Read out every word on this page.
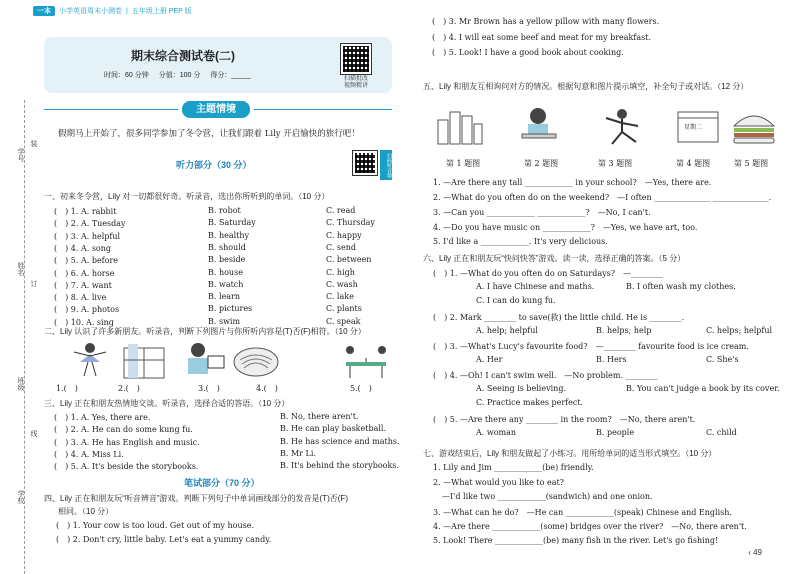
一本	小学英语周末小测卷 | 五年级上册 PEP 版
学号
装
姓名
订
班级
线
学校
期末综合测试卷(二)
时间：60 分钟 分值：100 分 得分：_____	扫描批改
视频精讲
主题情境
假期马上开始了，很多同学参加了冬令营，让我们跟着 Lily 开启愉快的旅行吧！
听力部分（30 分）	扫码听音频
一、初来冬令营，Lily 对一切都很好奇。听录音，选出你所听到的单词。（10 分）
二、Lily 认识了许多新朋友。听录音，判断下列图片与你所听内容是(T)否(F)相符。（10 分）
三、Lily 正在和朋友热情地交谈。听录音，选择合适的答语。（10 分）
笔试部分（70 分）
四、Lily 正在和朋友玩“听音辨音”游戏。判断下列句子中单词画线部分的发音是(T)否(F)
相同。（10 分）
五、Lily 和朋友互相询问对方的情况。根据句意和图片提示填空，补全句子或对话。（12 分）
星期二
六、Lily 正在和朋友玩“快问快答”游戏。读一读，选择正确的答案。（5 分）
七、游戏结束后，Lily 和朋友做起了小练习。用所给单词的适当形式填空。（10 分）
‹ 49
(　) 1. A. rabbit	B. robot	C. read
(　) 2. A. Tuesday	B. Saturday	C. Thursday
(　) 3. A. helpful	B. healthy	C. happy
(　) 4. A. song	B. should	C. send
(　) 5. A. before	B. beside	C. between
(　) 6. A. horse	B. house	C. high
(　) 7. A. want	B. watch	C. wash
(　) 8. A. live	B. learn	C. lake
(　) 9. A. photos	B. pictures	C. plants
(　) 10. A. sing	B. swim	C. speak
1.(　)	2.(　)	3.(　)	4.(　)	5.(　)
(　) 1. A. Yes, there are.	B. No, there aren't.
(　) 2. A. He can do some kung fu.	B. He can play basketball.
(　) 3. A. He has English and music.	B. He has science and maths.
(　) 4. A. Miss Li.	B. Mr Li.
(　) 5. A. It's beside the storybooks.	B. It's behind the storybooks.
(　) 1. Your cow is too loud. Get out of my house.
(　) 2. Don't cry, little baby. Let's eat a yummy candy.
(　) 3. Mr Brown has a yellow pillow with many flowers.
(　) 4. I will eat some beef and meat for my breakfast.
(　) 5. Look! I have a good book about cooking.
第 1 题图	第 2 题图	第 3 题图	第 4 题图	第 5 题图
1. —Are there any tall ____________ in your school?　—Yes, there are.
2. —What do you often do on the weekend?　—I often ______________ ______________.
3. —Can you ____________ ____________?　—No, I can't.
4. —Do you have music on ____________?　—Yes, we have art, too.
5. I'd like a ____________. It's very delicious.
(　) 1. —What do you often do on Saturdays?　—________
A. I have Chinese and maths.	B. I often wash my clothes.
C. I can do kung fu.
(　) 2. Mark ________ to save(救) the little child. He is ________.
A. help; helpful	B. helps; help	C. helps; helpful
(　) 3. —What's Lucy's favourite food?　—________ favourite food is ice cream.
A. Her	B. Hers	C. She's
(　) 4. —Oh! I can't swim well.　—No problem. ________
A. Seeing is believing.	B. You can't judge a book by its cover.
C. Practice makes perfect.
(　) 5. —Are there any ________ in the room?　—No, there aren't.
A. woman	B. people	C. child
1. Lily and Jim ____________(be) friendly.
2. —What would you like to eat?
—I'd like two ____________(sandwich) and one onion.
3. —What can he do?　—He can ____________(speak) Chinese and English.
4. —Are there ____________(some) bridges over the river?　—No, there aren't.
5. Look! There ____________(be) many fish in the river. Let's go fishing!
